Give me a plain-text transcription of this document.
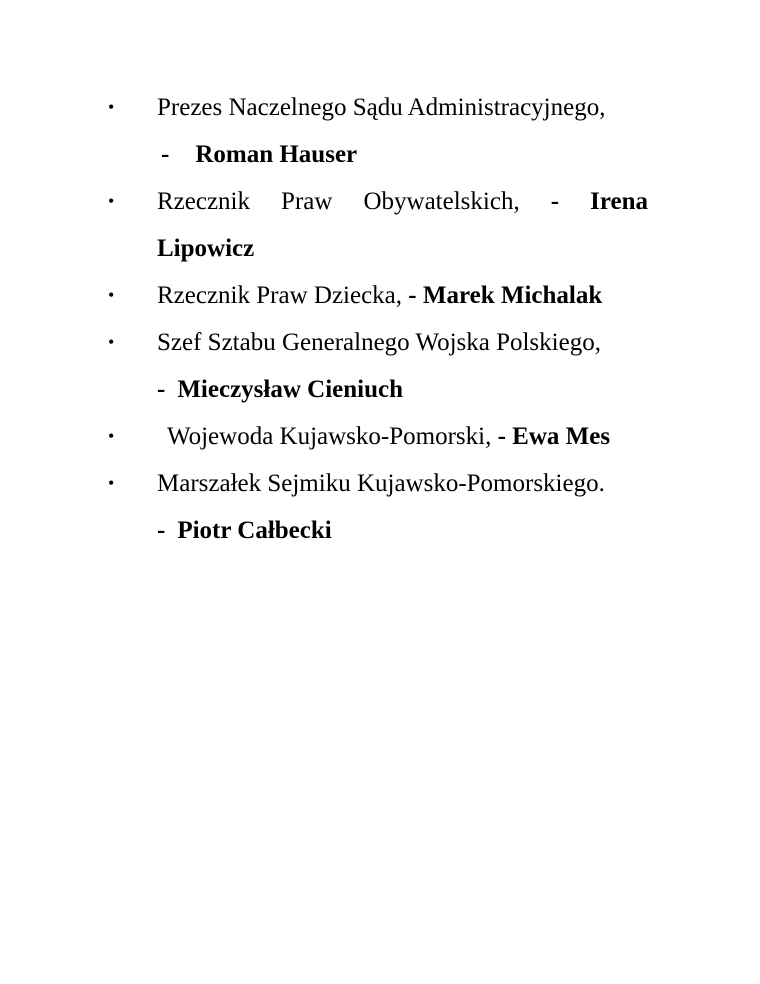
•	Prezes Naczelnego Sądu Administracyjnego,
- Roman Hauser
•	Rzecznik Praw Obywatelskich, - Irena Lipowicz
•	Rzecznik Praw Dziecka, - Marek Michalak
•	Szef Sztabu Generalnego Wojska Polskiego,
- Mieczysław Cieniuch
•	Wojewoda Kujawsko-Pomorski, - Ewa Mes
•	Marszałek Sejmiku Kujawsko-Pomorskiego.
- Piotr Całbecki
